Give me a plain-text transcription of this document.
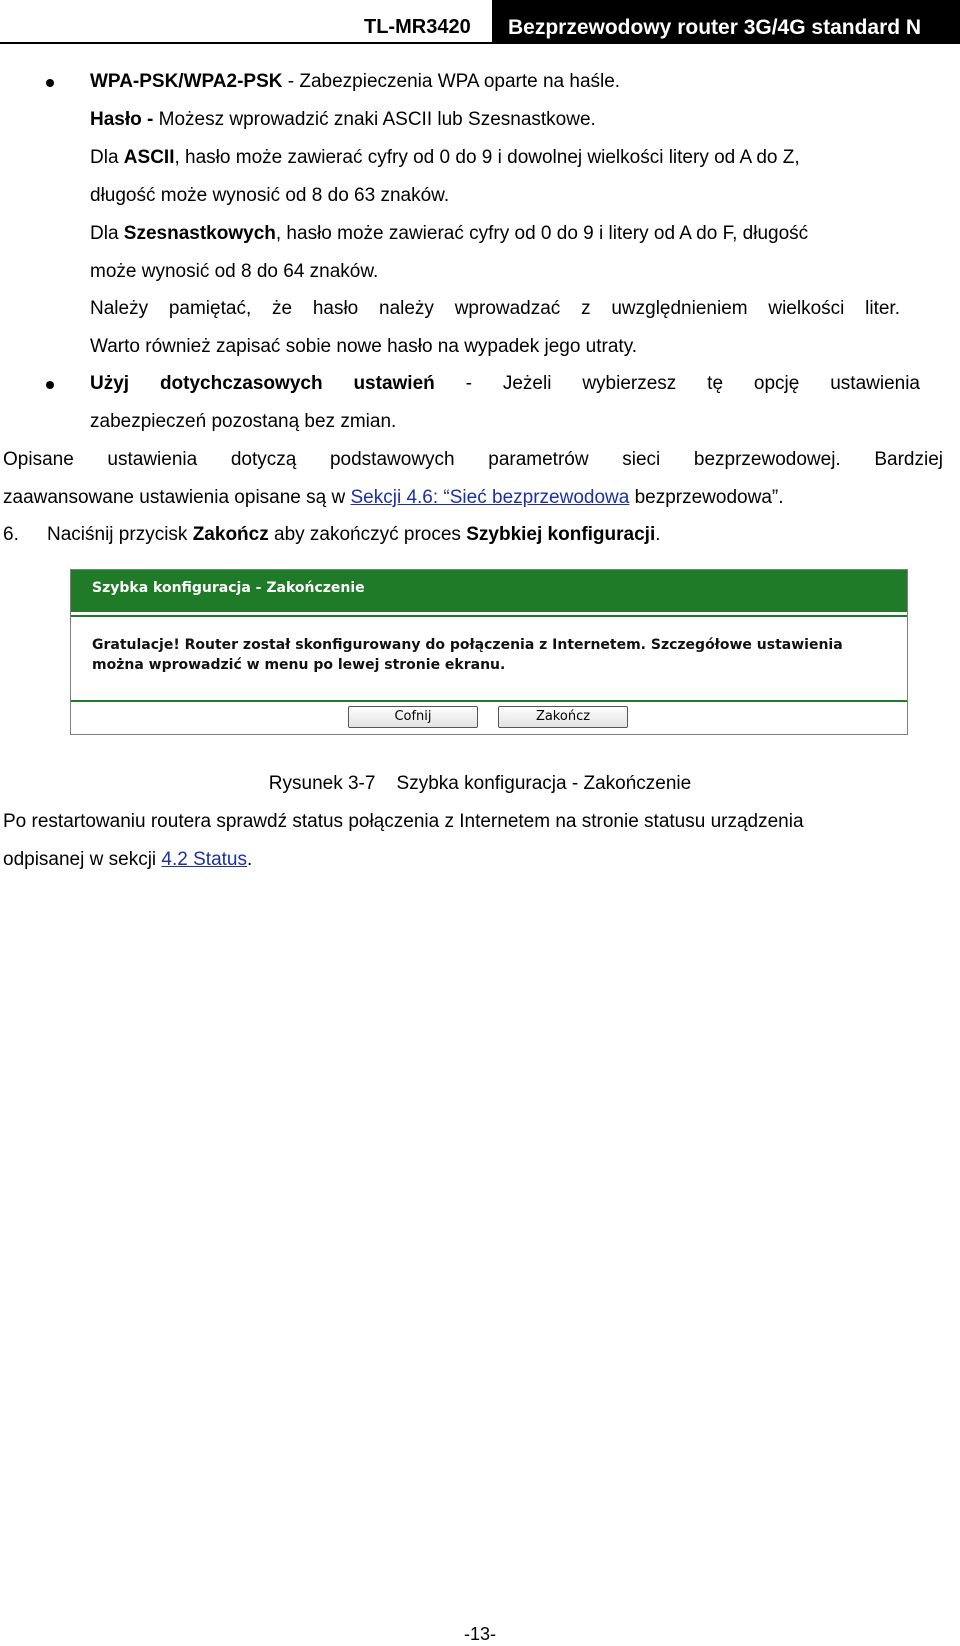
TL-MR3420	Bezprzewodowy router 3G/4G standard N
WPA-PSK/WPA2-PSK - Zabezpieczenia WPA oparte na haśle.
Hasło - Możesz wprowadzić znaki ASCII lub Szesnastkowe.
Dla ASCII, hasło może zawierać cyfry od 0 do 9 i dowolnej wielkości litery od A do Z,
długość może wynosić od 8 do 63 znaków.
Dla Szesnastkowych, hasło może zawierać cyfry od 0 do 9 i litery od A do F, długość
może wynosić od 8 do 64 znaków.
Należy pamiętać, że hasło należy wprowadzać z uwzględnieniem wielkości liter.
Warto również zapisać sobie nowe hasło na wypadek jego utraty.
Użyj dotychczasowych ustawień - Jeżeli wybierzesz tę opcję ustawienia
zabezpieczeń pozostaną bez zmian.
Opisane ustawienia dotyczą podstawowych parametrów sieci bezprzewodowej. Bardziej
zaawansowane ustawienia opisane są w Sekcji 4.6: “Sieć bezprzewodowa bezprzewodowa”.
6. Naciśnij przycisk Zakończ aby zakończyć proces Szybkiej konfiguracji.
Szybka konfiguracja - Zakończenie
Gratulacje! Router został skonfigurowany do połączenia z Internetem. Szczegółowe ustawienia można wprowadzić w menu po lewej stronie ekranu.
Cofnij	Zakończ
Rysunek 3-7    Szybka konfiguracja - Zakończenie
Po restartowaniu routera sprawdź status połączenia z Internetem na stronie statusu urządzenia
odpisanej w sekcji 4.2 Status.
-13-
